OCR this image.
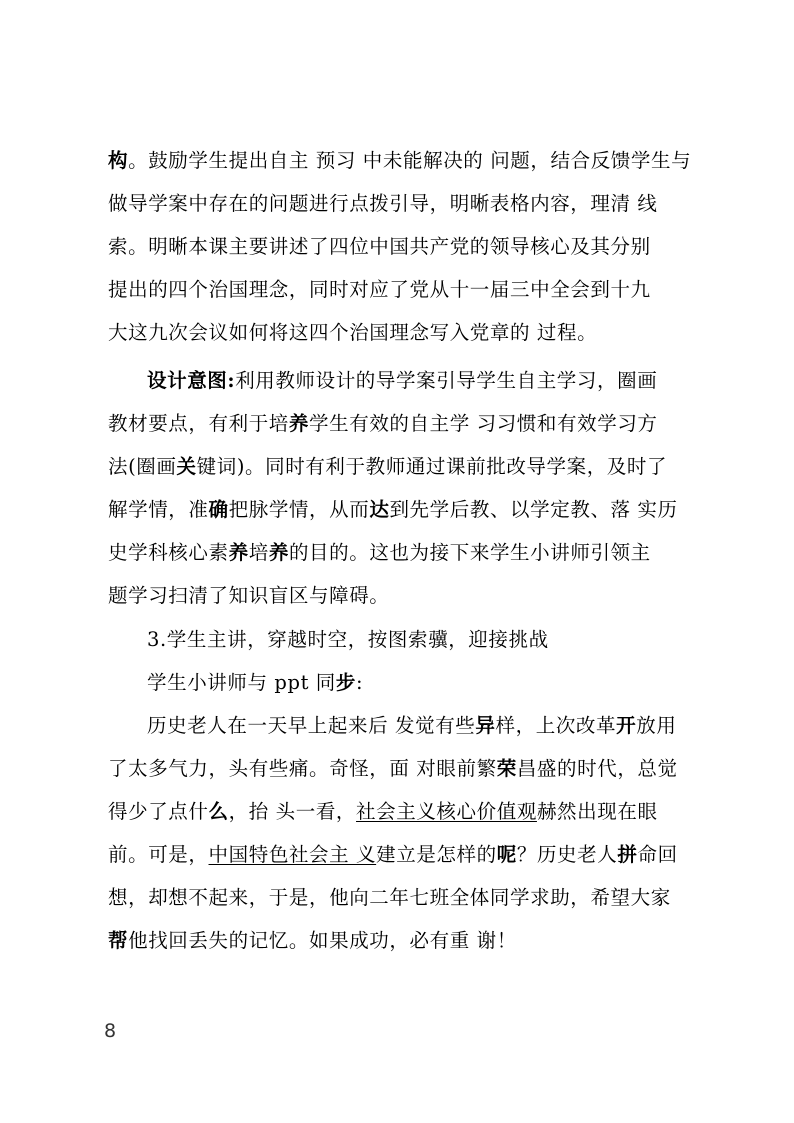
构。鼓励学生提出自主 预习 中未能解决的 问题，结合反馈学生与
做导学案中存在的问题进行点拨引导，明晰表格内容，理清 线
索。明晰本课主要讲述了四位中国共产党的领导核心及其分别
提出的四个治国理念，同时对应了党从十一届三中全会到十九
大这九次会议如何将这四个治国理念写入党章的 过程。
设计意图:利用教师设计的导学案引导学生自主学习，圈画
教材要点，有利于培养学生有效的自主学 习习惯和有效学习方
法(圈画关键词)。同时有利于教师通过课前批改导学案，及时了
解学情，准确把脉学情，从而达到先学后教、以学定教、落 实历
史学科核心素养培养的目的。这也为接下来学生小讲师引领主
题学习扫清了知识盲区与障碍。
3.学生主讲，穿越时空，按图索骥，迎接挑战
学生小讲师与 ppt 同步:
历史老人在一天早上起来后 发觉有些异样，上次改革开放用
了太多气力，头有些痛。奇怪，面 对眼前繁荣昌盛的时代，总觉
得少了点什么，抬 头一看，社会主义核心价值观赫然出现在眼
前。可是，中国特色社会主 义建立是怎样的呢？历史老人拼命回
想，却想不起来，于是，他向二年七班全体同学求助，希望大家
帮他找回丢失的记忆。如果成功，必有重 谢！
8
